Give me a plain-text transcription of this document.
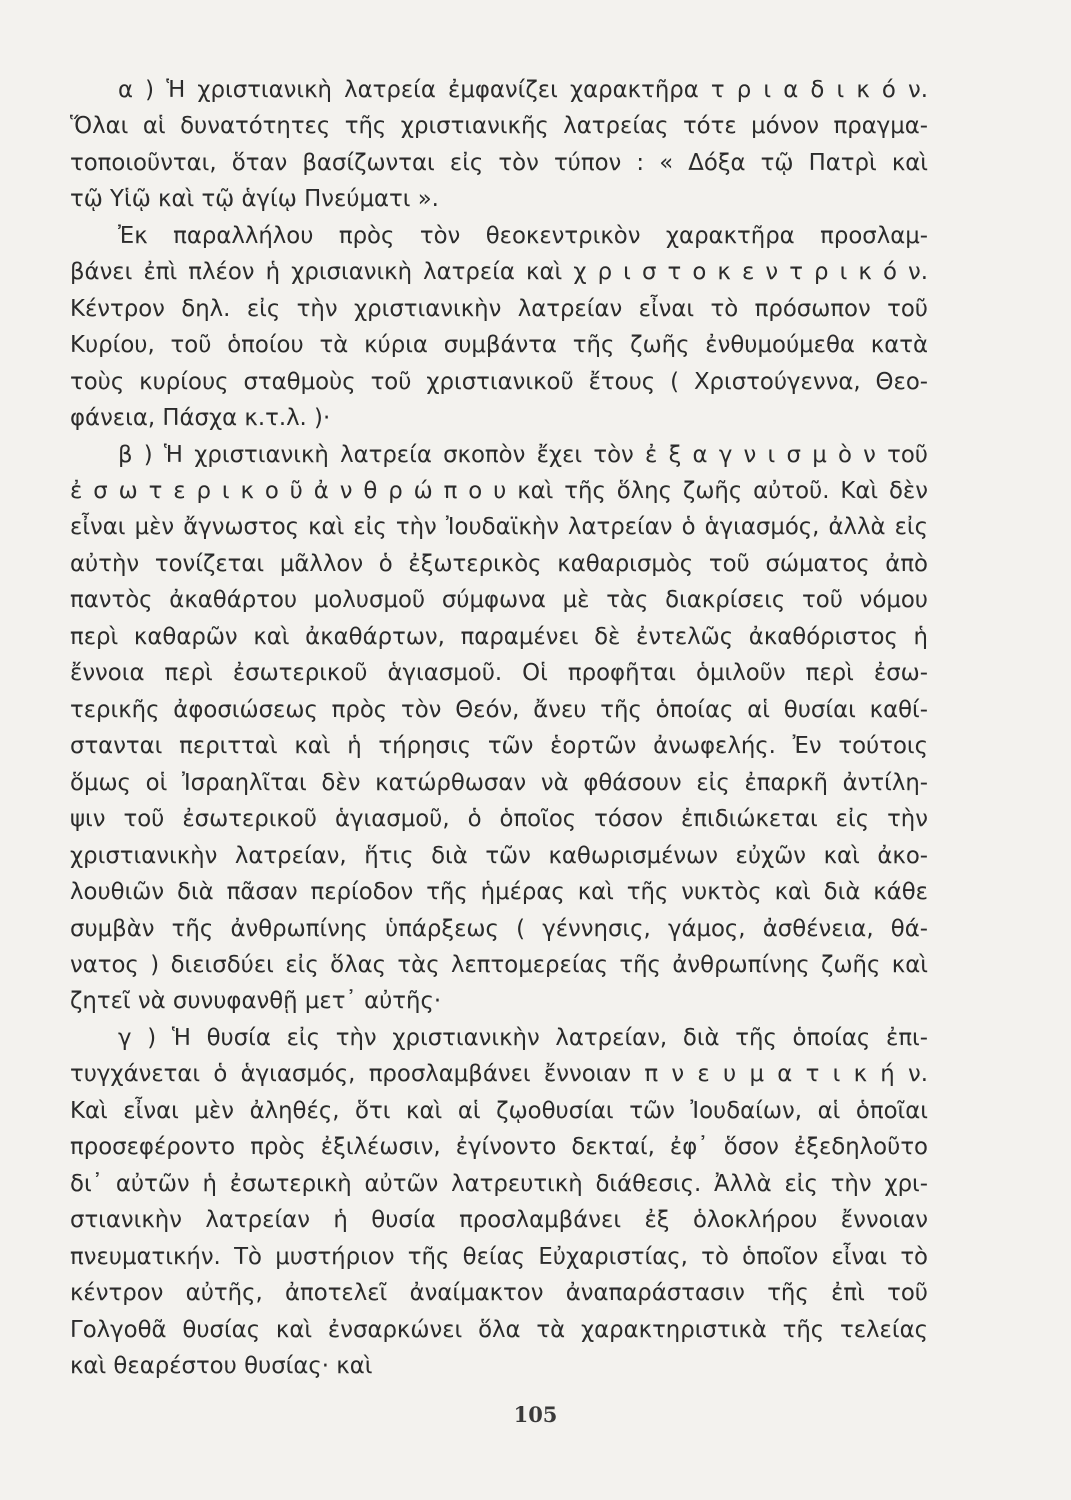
α ) Ἡ χριστιανικὴ λατρεία ἐμφανίζει χαρακτῆρα τ ρ ι α δ ι κ ό ν.
Ὅλαι αἱ δυνατότητες τῆς χριστιανικῆς λατρείας τότε μόνον πραγμα-
τοποιοῦνται, ὅταν βασίζωνται εἰς τὸν τύπον : « Δόξα τῷ Πατρὶ καὶ
τῷ Υἱῷ καὶ τῷ ἁγίῳ Πνεύματι ».
Ἐκ παραλλήλου πρὸς τὸν θεοκεντρικὸν χαρακτῆρα προσλαμ-
βάνει ἐπὶ πλέον ἡ χρισιανικὴ λατρεία καὶ χ ρ ι σ τ ο κ ε ν τ ρ ι κ ό ν.
Κέντρον δηλ. εἰς τὴν χριστιανικὴν λατρείαν εἶναι τὸ πρόσωπον τοῦ
Κυρίου, τοῦ ὁποίου τὰ κύρια συμβάντα τῆς ζωῆς ἐνθυμούμεθα κατὰ
τοὺς κυρίους σταθμοὺς τοῦ χριστιανικοῦ ἔτους ( Χριστούγεννα, Θεο-
φάνεια, Πάσχα κ.τ.λ. )·
β ) Ἡ χριστιανικὴ λατρεία σκοπὸν ἔχει τὸν ἐ ξ α γ ν ι σ μ ὸ ν τοῦ
ἐ σ ω τ ε ρ ι κ ο ῦ ἀ ν θ ρ ώ π ο υ καὶ τῆς ὅλης ζωῆς αὐτοῦ. Καὶ δὲν
εἶναι μὲν ἄγνωστος καὶ εἰς τὴν Ἰουδαϊκὴν λατρείαν ὁ ἁγιασμός, ἀλλὰ εἰς
αὐτὴν τονίζεται μᾶλλον ὁ ἐξωτερικὸς καθαρισμὸς τοῦ σώματος ἀπὸ
παντὸς ἀκαθάρτου μολυσμοῦ σύμφωνα μὲ τὰς διακρίσεις τοῦ νόμου
περὶ καθαρῶν καὶ ἀκαθάρτων, παραμένει δὲ ἐντελῶς ἀκαθόριστος ἡ
ἔννοια περὶ ἐσωτερικοῦ ἁγιασμοῦ. Οἱ προφῆται ὁμιλοῦν περὶ ἐσω-
τερικῆς ἀφοσιώσεως πρὸς τὸν Θεόν, ἄνευ τῆς ὁποίας αἱ θυσίαι καθί-
στανται περιτταὶ καὶ ἡ τήρησις τῶν ἑορτῶν ἀνωφελής. Ἐν τούτοις
ὅμως οἱ Ἰσραηλῖται δὲν κατώρθωσαν νὰ φθάσουν εἰς ἐπαρκῆ ἀντίλη-
ψιν τοῦ ἐσωτερικοῦ ἁγιασμοῦ, ὁ ὁποῖος τόσον ἐπιδιώκεται εἰς τὴν
χριστιανικὴν λατρείαν, ἥτις διὰ τῶν καθωρισμένων εὐχῶν καὶ ἀκο-
λουθιῶν διὰ πᾶσαν περίοδον τῆς ἡμέρας καὶ τῆς νυκτὸς καὶ διὰ κάθε
συμβὰν τῆς ἀνθρωπίνης ὑπάρξεως ( γέννησις, γάμος, ἀσθένεια, θά-
νατος ) διεισδύει εἰς ὅλας τὰς λεπτομερείας τῆς ἀνθρωπίνης ζωῆς καὶ
ζητεῖ νὰ συνυφανθῇ μετ᾽ αὐτῆς·
γ ) Ἡ θυσία εἰς τὴν χριστιανικὴν λατρείαν, διὰ τῆς ὁποίας ἐπι-
τυγχάνεται ὁ ἁγιασμός, προσλαμβάνει ἔννοιαν π ν ε υ μ α τ ι κ ή ν.
Καὶ εἶναι μὲν ἀληθές, ὅτι καὶ αἱ ζῳοθυσίαι τῶν Ἰουδαίων, αἱ ὁποῖαι
προσεφέροντο πρὸς ἐξιλέωσιν, ἐγίνοντο δεκταί, ἐφ᾽ ὅσον ἐξεδηλοῦτο
δι᾽ αὐτῶν ἡ ἐσωτερικὴ αὐτῶν λατρευτικὴ διάθεσις. Ἀλλὰ εἰς τὴν χρι-
στιανικὴν λατρείαν ἡ θυσία προσλαμβάνει ἐξ ὁλοκλήρου ἔννοιαν
πνευματικήν. Τὸ μυστήριον τῆς θείας Εὐχαριστίας, τὸ ὁποῖον εἶναι τὸ
κέντρον αὐτῆς, ἀποτελεῖ ἀναίμακτον ἀναπαράστασιν τῆς ἐπὶ τοῦ
Γολγοθᾶ θυσίας καὶ ἐνσαρκώνει ὅλα τὰ χαρακτηριστικὰ τῆς τελείας
καὶ θεαρέστου θυσίας· καὶ
105
